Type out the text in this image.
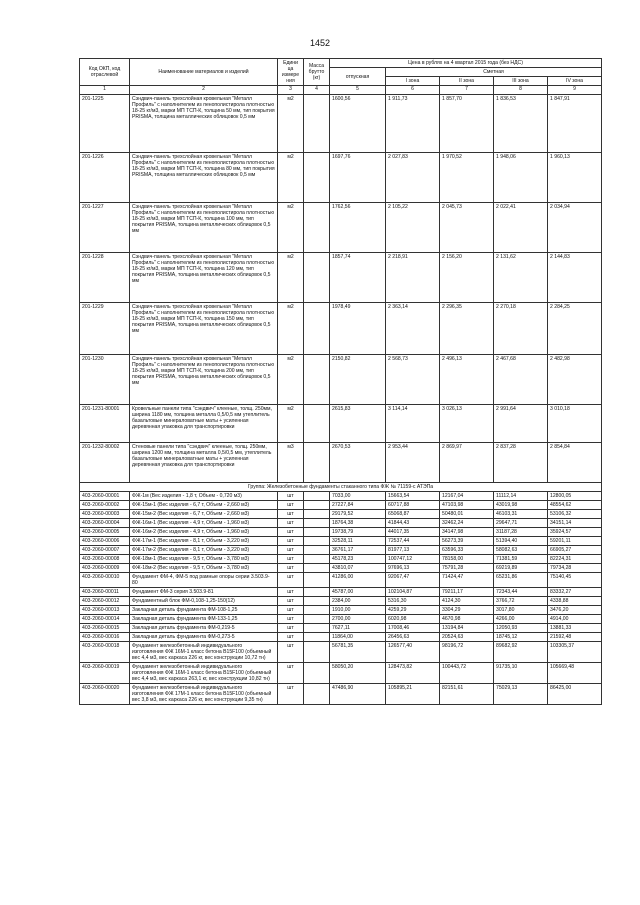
1452
Код ОКП, код отраслевой	Наименование материалов и изделий	Едини ца измере ния	Масса брутто (кг)	Цена в рублях на 4 квартал 2015 года (без НДС)				
				отпускная	Сметная			
					I зона	II зона	III зона	IV зона
1	2	3	4	5	6	7	8	9
201-1225	Сэндвич-панель трехслойная кровельная "Металл Профиль" с наполнителем из пенополистирола плотностью 18-25 кг/м3, марки МП ТСП-К, толщина 50 мм, тип покрытия PRISMA, толщина металлических облицовок 0,5 мм	м2		1600,56	1 911,73	1 857,70	1 836,53	1 847,91
201-1226	Сэндвич-панель трехслойная кровельная "Металл Профиль" с наполнителем из пенополистирола плотностью 18-25 кг/м3, марки МП ТСП-К, толщина 80 мм, тип покрытия PRISMA, толщина металлических облицовок 0,5 мм	м2		1697,76	2 027,83	1 970,52	1 948,06	1 960,13
201-1227	Сэндвич-панель трехслойная кровельная "Металл Профиль" с наполнителем из пенополистирола плотностью 18-25 кг/м3, марки МП ТСП-К, толщина 100 мм, тип покрытия PRISMA, толщина металлических облицовок 0,5 мм	м2		1762,56	2 105,22	2 045,73	2 022,41	2 034,94
201-1228	Сэндвич-панель трехслойная кровельная "Металл Профиль" с наполнителем из пенополистирола плотностью 18-25 кг/м3, марки МП ТСП-К, толщина 120 мм, тип покрытия PRISMA, толщина металлических облицовок 0,5 мм	м2		1857,74	2 218,91	2 156,20	2 131,62	2 144,83
201-1229	Сэндвич-панель трехслойная кровельная "Металл Профиль" с наполнителем из пенополистирола плотностью 18-25 кг/м3, марки МП ТСП-К, толщина 150 мм, тип покрытия PRISMA, толщина металлических облицовок 0,5 мм	м2		1978,49	2 363,14	2 296,35	2 270,18	2 284,25
201-1230	Сэндвич-панель трехслойная кровельная "Металл Профиль" с наполнителем из пенополистирола плотностью 18-25 кг/м3, марки МП ТСП-К, толщина 200 мм, тип покрытия PRISMA, толщина металлических облицовок 0,5 мм	м2		2150,82	2 568,73	2 496,13	2 467,68	2 482,98
201-1231-80001	Кровельные панели типа "сэндвич" клееные, толщ. 250мм, ширина 1180 мм, толщина металла 0,5/0,5 мм утеплитель базальтовые минераловатные маты + усиленная деревянная упаковка для транспортировки	м2		2615,83	3 114,14	3 026,13	2 991,64	3 010,18
201-1232-80002	Стеновые панели типа "сэндвич" клееные, толщ. 250мм, ширина 1200 мм, толщина металла 0,5/0,5 мм, утеплитель базальтовые минераловатные маты + усиленная деревянная упаковка для транспортировки	м3		2670,53	2 953,44	2 869,97	2 837,28	2 854,84
Группа: Железобетонные фундаменты стаканного типа ФЖ № 71159-с АТЭПа								
403-2060-00001	ФЖ-1м (Вес изделия - 1,8 т, Объем - 0,720 м3)	шт		7033,00	15663,54	12167,04	11112,14	12800,05
403-2060-00002	ФЖ-15м-1 (Вес изделия - 6,7 т, Объем - 2,660 м3)	шт		27227,84	60717,88	47103,98	43019,98	48554,62
403-2060-00003	ФЖ-15м-2 (Вес изделия - 6,7 т, Объем - 2,660 м3)	шт		29179,52	65068,87	50480,01	46103,31	53106,32
403-2060-00004	ФЖ-16м-1 (Вес изделия - 4,9 т, Объем - 1,960 м3)	шт		18764,38	41844,43	32462,24	29647,71	34151,14
403-2060-00005	ФЖ-16м-2 (Вес изделия - 4,9 т, Объем - 1,960 м3)	шт		19738,79	44017,35	34147,98	31187,28	35924,57
403-2060-00006	ФЖ-17м-1 (Вес изделия - 8,1 т, Объем - 3,220 м3)	шт		32528,11	72537,44	56273,39	51394,40	59201,11
403-2060-00007	ФЖ-17м-2 (Вес изделия - 8,1 т, Объем - 3,220 м3)	шт		36761,17	81977,13	63596,33	58082,63	66905,27
403-2060-00008	ФЖ-18м-1 (Вес изделия - 9,5 т, Объем - 3,780 м3)	шт		45178,23	100747,12	78158,00	71381,59	82224,31
403-2060-00009	ФЖ-18м-2 (Вес изделия - 9,5 т, Объем - 3,780 м3)	шт		43810,07	97696,13	75791,28	69219,89	79734,28
403-2060-00010	Фундамент ФМ-4, ФМ-5 под рамные опоры серии 3.503.9-80	шт		41286,00	92067,47	71424,47	65231,86	75140,45
403-2060-00011	Фундамент ФМ-3 серия 3.503.9-81	шт		45787,00	102104,87	79211,17	72343,44	83332,27
403-2060-00012	Фундаментный блок ФМ-0,108-1,25-150(12)	шт		2384,00	5316,30	4124,30	3766,72	4338,88
403-2060-00013	Закладная деталь фундамента ФМ-108-1,25	шт		1910,00	4259,29	3304,29	3017,80	3476,20
403-2060-00014	Закладная деталь фундамента ФМ-133-1,25	шт		2700,00	6020,98	4670,98	4266,00	4914,00
403-2060-00015	Закладная деталь фундамента ФМ-0,219-5	шт		7627,11	17008,46	13194,84	12050,93	13881,33
403-2060-00016	Закладная деталь фундамента ФМ-0,273-5	шт		11864,00	26456,63	20524,63	18745,12	21592,48
403-2060-00018	Фундамент железобетонный индивидуального изготовления ФЖ 16М-1 класс бетона В15F100 (объемный вес 4,4 м3, вес каркаса 226 кг, вес конструкции 10,72 тн)	шт		56781,35	126577,40	98196,72	89682,92	103305,37
403-2060-00019	Фундамент железобетонный индивидуального изготовления ФЖ 16М-1 класс бетона В15F100 (объемный вес 4,4 м3, вес каркаса 263,1 кг, вес конструкции 10,82 тн)	шт		58050,20	128473,82	100443,72	91735,10	105669,48
403-2060-00020	Фундамент железобетонный индивидуального изготовления ФЖ 17М-1 класс бетона В15F100 (объемный вес 3,8 м3, вес каркаса 226 кг, вес конструкции 9,35 тн)	шт		47486,90	105895,21	82151,61	75029,13	86425,00
